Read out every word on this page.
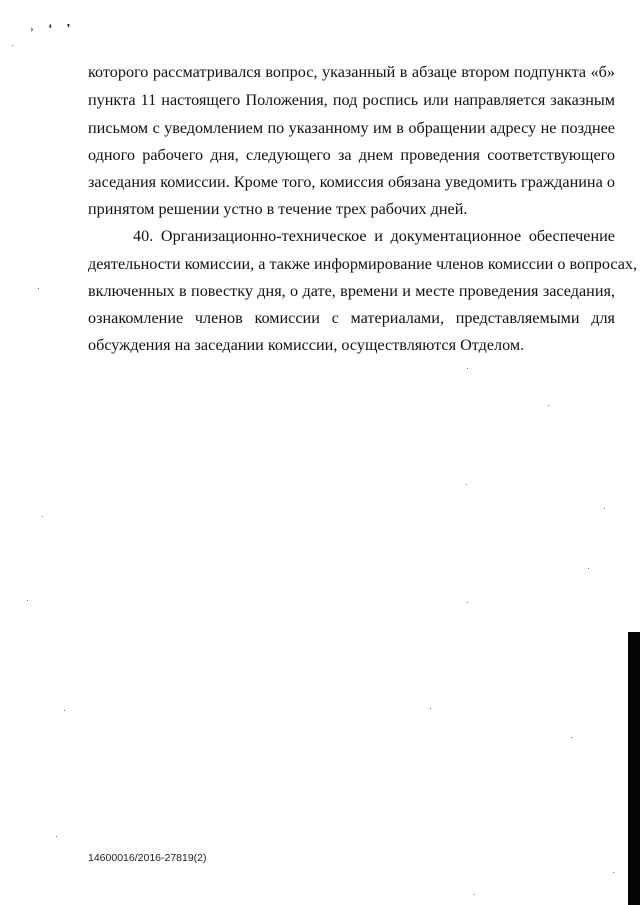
› ❛ ❜
которого рассматривался вопрос, указанный в абзаце втором подпункта «б»
пункта 11 настоящего Положения, под роспись или направляется заказным
письмом с уведомлением по указанному им в обращении адресу не позднее
одного рабочего дня, следующего за днем проведения соответствующего
заседания комиссии. Кроме того, комиссия обязана уведомить гражданина о
принятом решении устно в течение трех рабочих дней.
40. Организационно-техническое и документационное обеспечение
деятельности комиссии, а также информирование членов комиссии о вопросах,
включенных в повестку дня, о дате, времени и месте проведения заседания,
ознакомление членов комиссии с материалами, представляемыми для
обсуждения на заседании комиссии, осуществляются Отделом.
14600016/2016-27819(2)
